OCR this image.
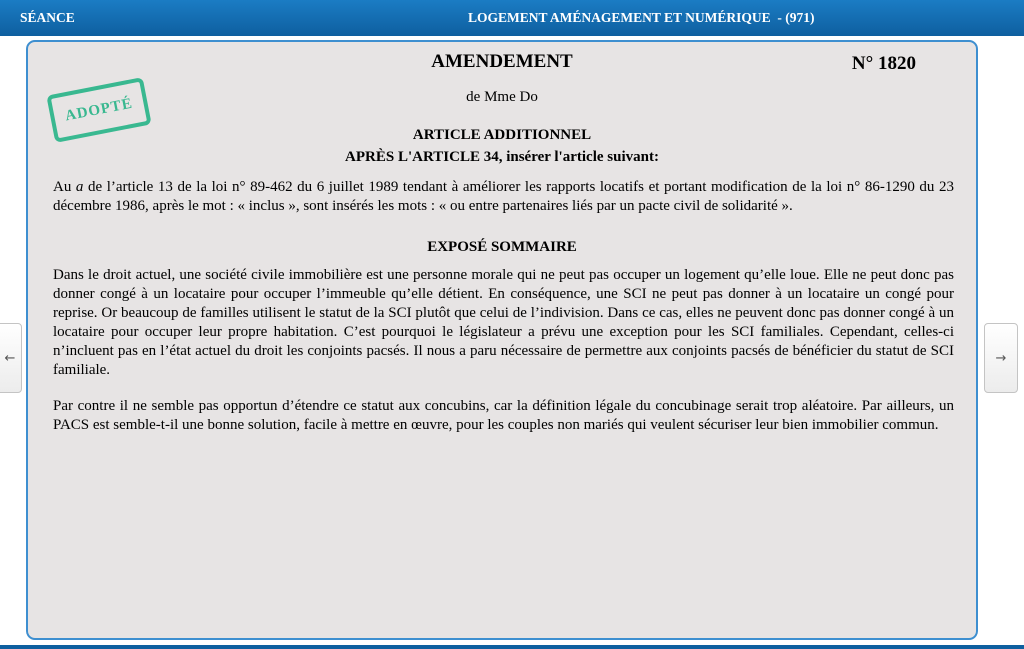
SÉANCE	LOGEMENT AMÉNAGEMENT ET NUMÉRIQUE  - (971)
←	→
AMENDEMENT	N° 1820
ADOPTÉ	de Mme Do
ARTICLE ADDITIONNEL
APRÈS L'ARTICLE 34, insérer l'article suivant:
Au a de l’article 13 de la loi n° 89-462 du 6 juillet 1989 tendant à améliorer les rapports locatifs et portant modification de la loi n° 86-1290 du 23 décembre 1986, après le mot : « inclus », sont insérés les mots : « ou entre partenaires liés par un pacte civil de solidarité ».
EXPOSÉ SOMMAIRE
Dans le droit actuel, une société civile immobilière est une personne morale qui ne peut pas occuper un logement qu’elle loue. Elle ne peut donc pas donner congé à un locataire pour occuper l’immeuble qu’elle détient. En conséquence, une SCI ne peut pas donner à un locataire un congé pour reprise. Or beaucoup de familles utilisent le statut de la SCI plutôt que celui de l’indivision. Dans ce cas, elles ne peuvent donc pas donner congé à un locataire pour occuper leur propre habitation. C’est pourquoi le législateur a prévu une exception pour les SCI familiales. Cependant, celles-ci n’incluent pas en l’état actuel du droit les conjoints pacsés. Il nous a paru nécessaire de permettre aux conjoints pacsés de bénéficier du statut de SCI familiale.
Par contre il ne semble pas opportun d’étendre ce statut aux concubins, car la définition légale du concubinage serait trop aléatoire. Par ailleurs, un PACS est semble-t-il une bonne solution, facile à mettre en œuvre, pour les couples non mariés qui veulent sécuriser leur bien immobilier commun.
